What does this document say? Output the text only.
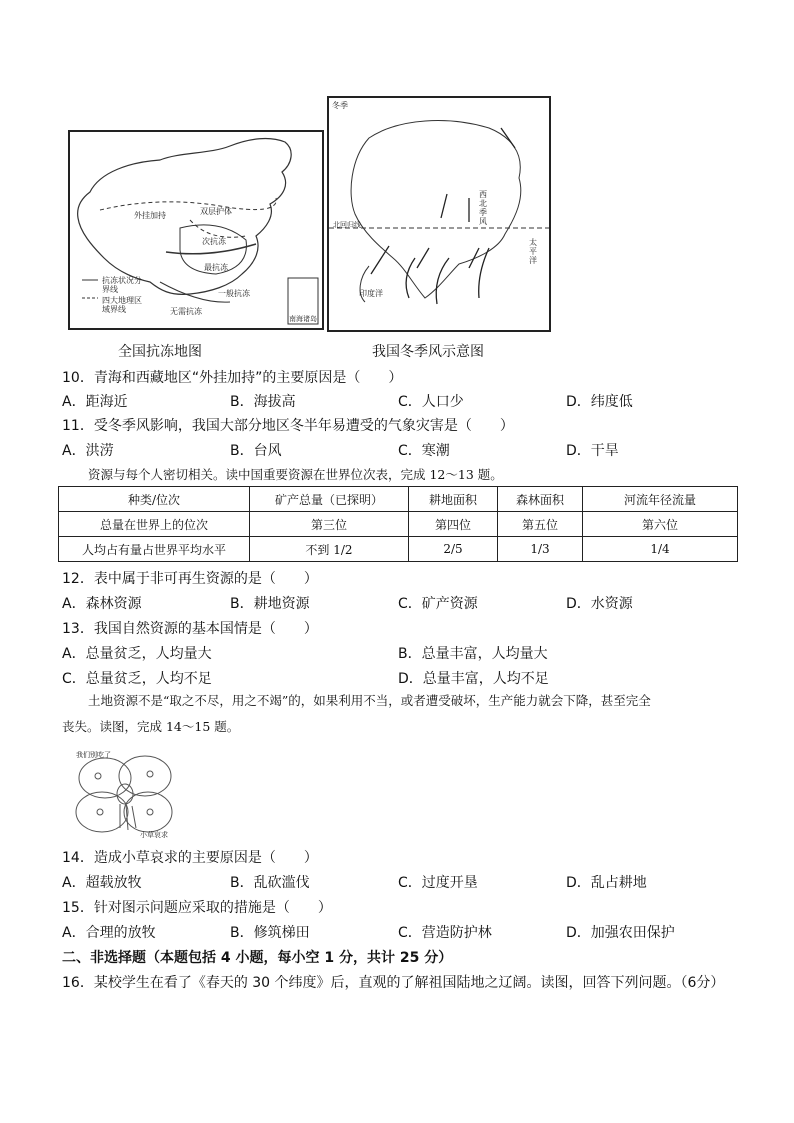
外挂加持	双层护体
次抗冻
最抗冻
一般抗冻
无需抗冻
抗冻状况分界线
四大地理区域界线
南海诸岛
全国抗冻地图
冬季
西北季风
北回归线
印度洋
太平洋
我国冬季风示意图
10．青海和西藏地区“外挂加持”的主要原因是（　　）
A．距海近	B．海拔高	C．人口少	D．纬度低
11．受冬季风影响，我国大部分地区冬半年易遭受的气象灾害是（　　）
A．洪涝	B．台风	C．寒潮	D．干旱
资源与每个人密切相关。读中国重要资源在世界位次表，完成 12～13 题。
种类/位次	矿产总量（已探明）	耕地面积	森林面积	河流年径流量
总量在世界上的位次	第三位	第四位	第五位	第六位
人均占有量占世界平均水平	不到 1/2	2/5	1/3	1/4
12．表中属于非可再生资源的是（　　）
A．森林资源	B．耕地资源	C．矿产资源	D．水资源
13．我国自然资源的基本国情是（　　）
A．总量贫乏，人均量大	B．总量丰富，人均量大
C．总量贫乏，人均不足	D．总量丰富，人均不足
土地资源不是“取之不尽，用之不竭”的，如果利用不当，或者遭受破坏，生产能力就会下降，甚至完全
丧失。读图，完成 14～15 题。
我们别吃了
小草哀求
14．造成小草哀求的主要原因是（　　）
A．超载放牧	B．乱砍滥伐	C．过度开垦	D．乱占耕地
15．针对图示问题应采取的措施是（　　）
A．合理的放牧	B．修筑梯田	C．营造防护林	D．加强农田保护
二、非选择题（本题包括 4 小题，每小空 1 分，共计 25 分）
16．某校学生在看了《春天的 30 个纬度》后，直观的了解祖国陆地之辽阔。读图，回答下列问题。（6分）
